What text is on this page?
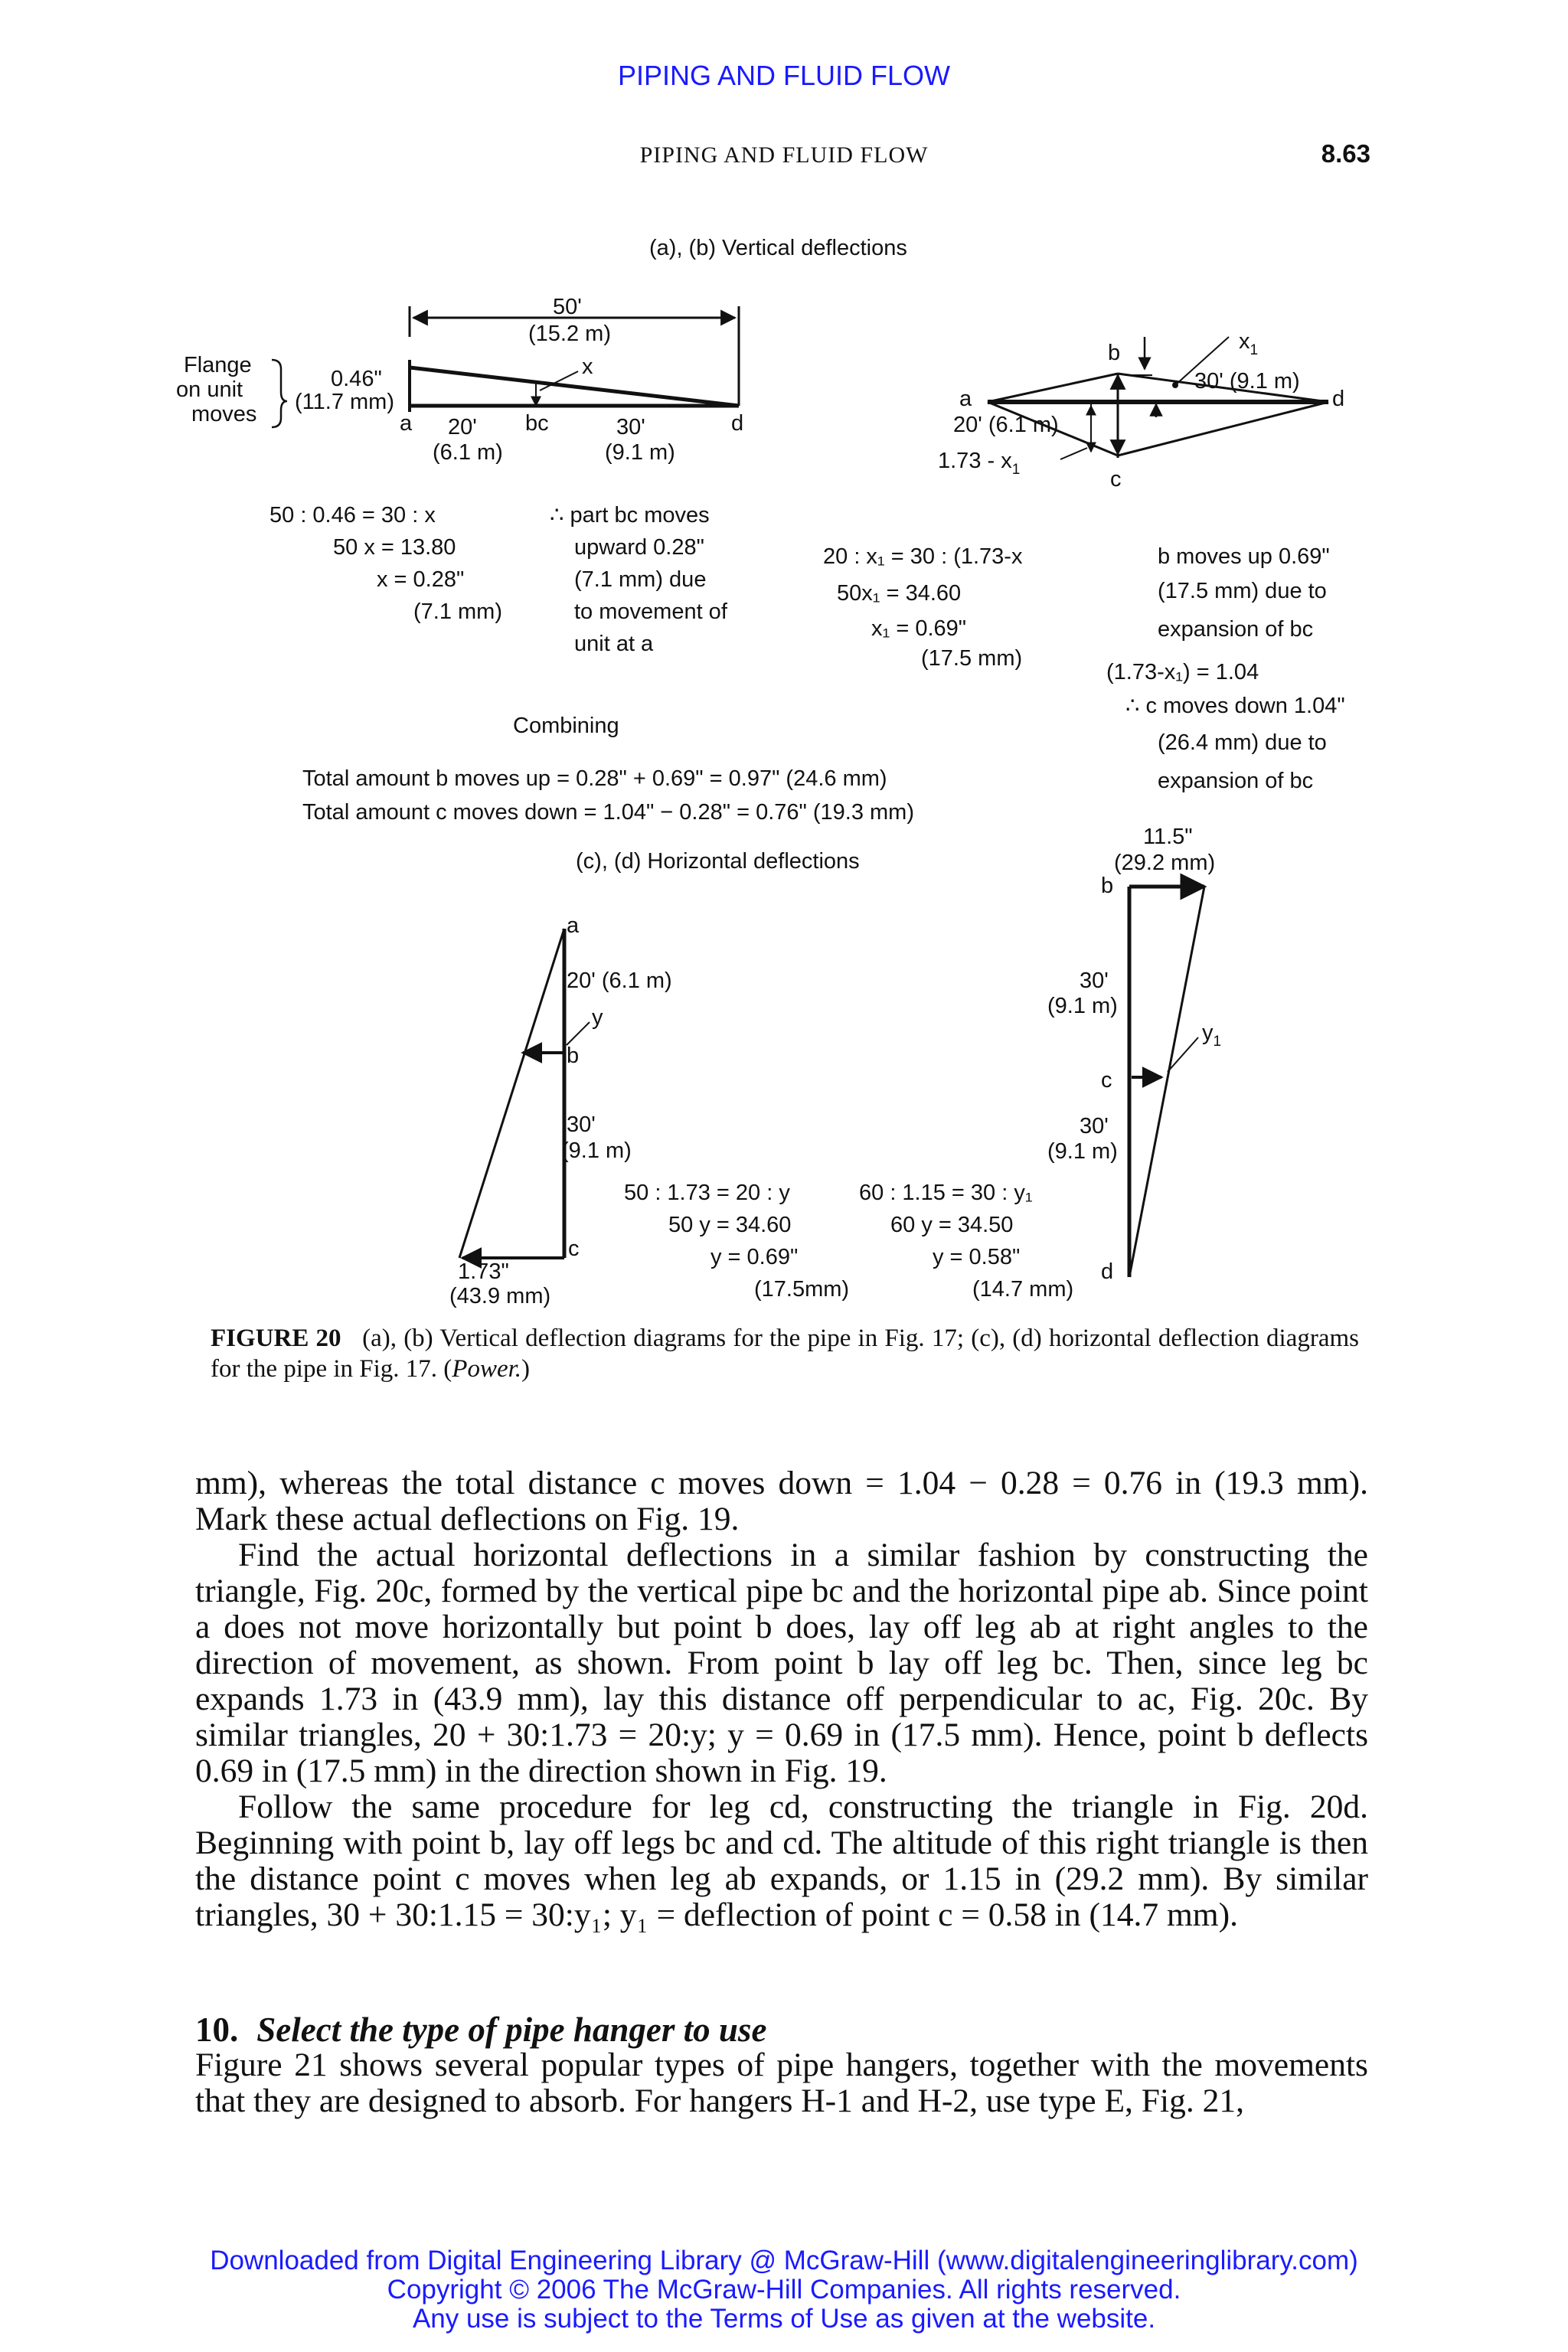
PIPING AND FLUID FLOW
PIPING AND FLUID FLOW	8.63
(a), (b) Vertical deflections
50'
(15.2 m)
x
Flange
on unit
moves
0.46"
(11.7 mm)
a	bc	d
20'
(6.1 m)
30'
(9.1 m)
50 : 0.46 = 30 : x
50 x = 13.80
x = 0.28"
(7.1 mm)
∴ part bc moves
upward 0.28"
(7.1 mm) due
to movement of
unit at a
b	$x_1$
30' (9.1 m)
d
a
20' (6.1 m)
$1.73 - x_1$	c
20 : x₁ = 30 : (1.73-x
50x₁ = 34.60
x₁ = 0.69"
(17.5 mm)
b moves up 0.69"
(17.5 mm) due to
expansion of bc
(1.73-x₁) = 1.04
∴ c moves down 1.04"
(26.4 mm) due to
expansion of bc
Combining
Total amount b moves up = 0.28" + 0.69" = 0.97" (24.6 mm)
Total amount c moves down = 1.04" − 0.28" = 0.76" (19.3 mm)
(c), (d) Horizontal deflections
a
20' (6.1 m)
y
b
30'
(9.1 m)
c
1.73"
(43.9 mm)
50 : 1.73 = 20 : y
50 y = 34.60
y = 0.69"
(17.5mm)
60 : 1.15 = 30 : y₁
60 y = 34.50
y = 0.58"
(14.7 mm)
11.5"
(29.2 mm)
b
30'
(9.1 m)
$y_1$
c
30'
(9.1 m)
d
FIGURE 20 (a), (b) Vertical deflection diagrams for the pipe in Fig. 17; (c), (d) horizontal deflection diagrams for the pipe in Fig. 17. (Power.)

mm), whereas the total distance c moves down = 1.04 − 0.28 = 0.76 in (19.3 mm). Mark these actual deflections on Fig. 19.

Find the actual horizontal deflections in a similar fashion by constructing the triangle, Fig. 20c, formed by the vertical pipe bc and the horizontal pipe ab. Since point a does not move horizontally but point b does, lay off leg ab at right angles to the direction of movement, as shown. From point b lay off leg bc. Then, since leg bc expands 1.73 in (43.9 mm), lay this distance off perpendicular to ac, Fig. 20c. By similar triangles, 20 + 30:1.73 = 20:y; y = 0.69 in (17.5 mm). Hence, point b deflects 0.69 in (17.5 mm) in the direction shown in Fig. 19.

Follow the same procedure for leg cd, constructing the triangle in Fig. 20d. Beginning with point b, lay off legs bc and cd. The altitude of this right triangle is then the distance point c moves when leg ab expands, or 1.15 in (29.2 mm). By similar triangles, 30 + 30:1.15 = 30:y₁; y₁ = deflection of point c = 0.58 in (14.7 mm).

10. Select the type of pipe hanger to use

Figure 21 shows several popular types of pipe hangers, together with the movements that they are designed to absorb. For hangers H-1 and H-2, use type E, Fig. 21,

Downloaded from Digital Engineering Library @ McGraw-Hill (www.digitalengineeringlibrary.com)
Copyright © 2006 The McGraw-Hill Companies. All rights reserved.
Any use is subject to the Terms of Use as given at the website.
